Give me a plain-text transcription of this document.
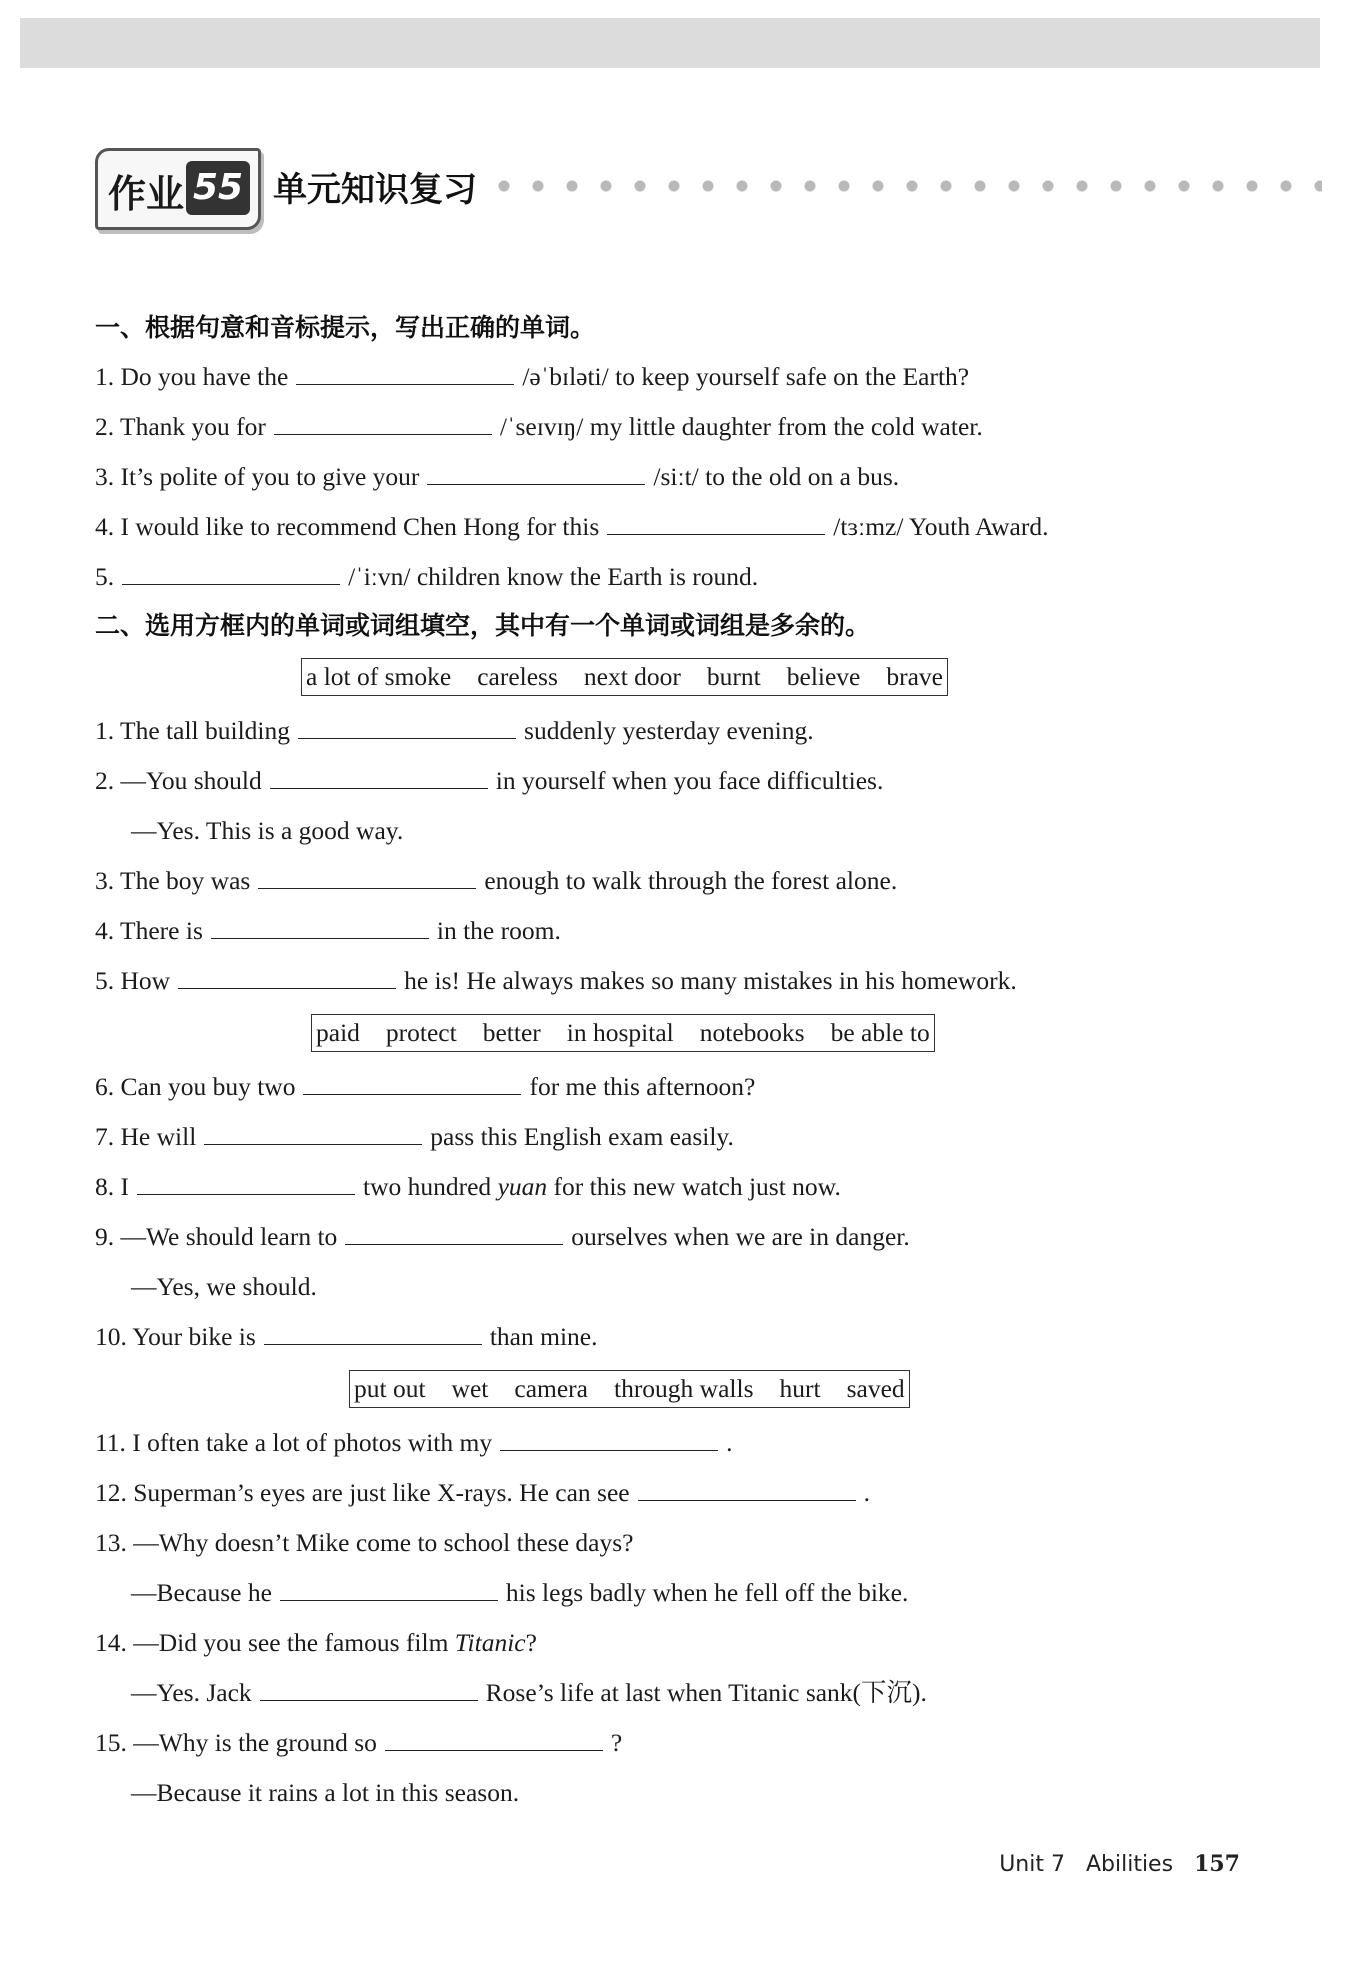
作业 55 单元知识复习

一、根据句意和音标提示，写出正确的单词。

1. Do you have the	/əˈbɪləti/ to keep yourself safe on the Earth?
2. Thank you for	/ˈseɪvɪŋ/ my little daughter from the cold water.
3. It’s polite of you to give your	/siːt/ to the old on a bus.
4. I would like to recommend Chen Hong for this	/tɜːmz/ Youth Award.
5.	/ˈiːvn/ children know the Earth is round.

二、选用方框内的单词或词组填空，其中有一个单词或词组是多余的。

a lot of smoke careless next door burnt believe brave
1. The tall building	suddenly yesterday evening.
2. —You should	in yourself when you face difficulties.
—Yes. This is a good way.
3. The boy was	enough to walk through the forest alone.
4. There is	in the room.
5. How	he is! He always makes so many mistakes in his homework.
paid protect better in hospital notebooks be able to
6. Can you buy two	for me this afternoon?
7. He will	pass this English exam easily.
8. I	two hundred yuan for this new watch just now.
9. —We should learn to	ourselves when we are in danger.
—Yes, we should.
10. Your bike is	than mine.
put out wet camera through walls hurt saved
11. I often take a lot of photos with my	.
12. Superman’s eyes are just like X-rays. He can see	.
13. —Why doesn’t Mike come to school these days?
—Because he	his legs badly when he fell off the bike.
14. —Did you see the famous film Titanic?
—Yes. Jack	Rose’s life at last when Titanic sank(下沉).
15. —Why is the ground so	?
—Because it rains a lot in this season.
Unit 7 Abilities 157
